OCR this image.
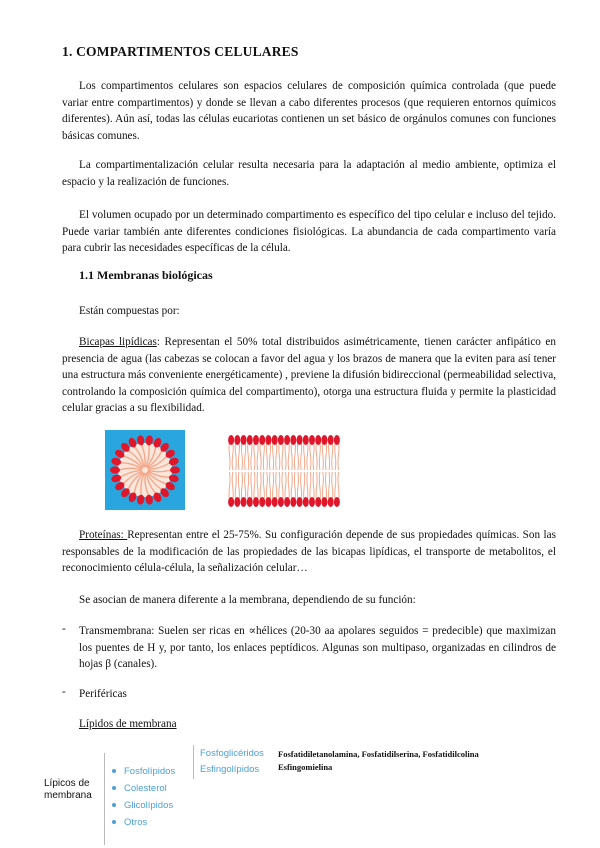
1. COMPARTIMENTOS CELULARES

Los compartimentos celulares son espacios celulares de composición química controlada (que puede variar entre compartimentos) y donde se llevan a cabo diferentes procesos (que requieren entornos químicos diferentes). Aún así, todas las células eucariotas contienen un set básico de orgánulos comunes con funciones básicas comunes.

La compartimentalización celular resulta necesaria para la adaptación al medio ambiente, optimiza el espacio y la realización de funciones.

El volumen ocupado por un determinado compartimento es específico del tipo celular e incluso del tejido. Puede variar también ante diferentes condiciones fisiológicas. La abundancia de cada compartimento varía para cubrir las necesidades específicas de la célula.

1.1 Membranas biológicas

Están compuestas por:

Bicapas lipídicas: Representan el 50% total distribuidos asimétricamente, tienen carácter anfipático en presencia de agua (las cabezas se colocan a favor del agua y los brazos de manera que la eviten para así tener una estructura más conveniente energéticamente) , previene la difusión bidireccional (permeabilidad selectiva, controlando la composición química del compartimento), otorga una estructura fluida y permite la plasticidad celular gracias a su flexibilidad.

Proteínas: Representan entre el 25-75%. Su configuración depende de sus propiedades químicas. Son las responsables de la modificación de las propiedades de las bicapas lipídicas, el transporte de metabolitos, el reconocimiento célula-célula, la señalización celular…

Se asocian de manera diferente a la membrana, dependiendo de su función:

- Transmembrana: Suelen ser ricas en ∝hélices (20-30 aa apolares seguidos = predecible) que maximizan los puentes de H y, por tanto, los enlaces peptídicos. Algunas son multipaso, organizadas en cilindros de hojas β (canales).

- Periféricas

Lípidos de membrana

Lípicos de
membrana
Fosfolípidos
Colesterol
Glicolípidos
Otros
Fosfoglicéridos
Esfingolípidos
Fosfatidiletanolamina, Fosfatidilserina, Fosfatidilcolina
Esfingomielina
